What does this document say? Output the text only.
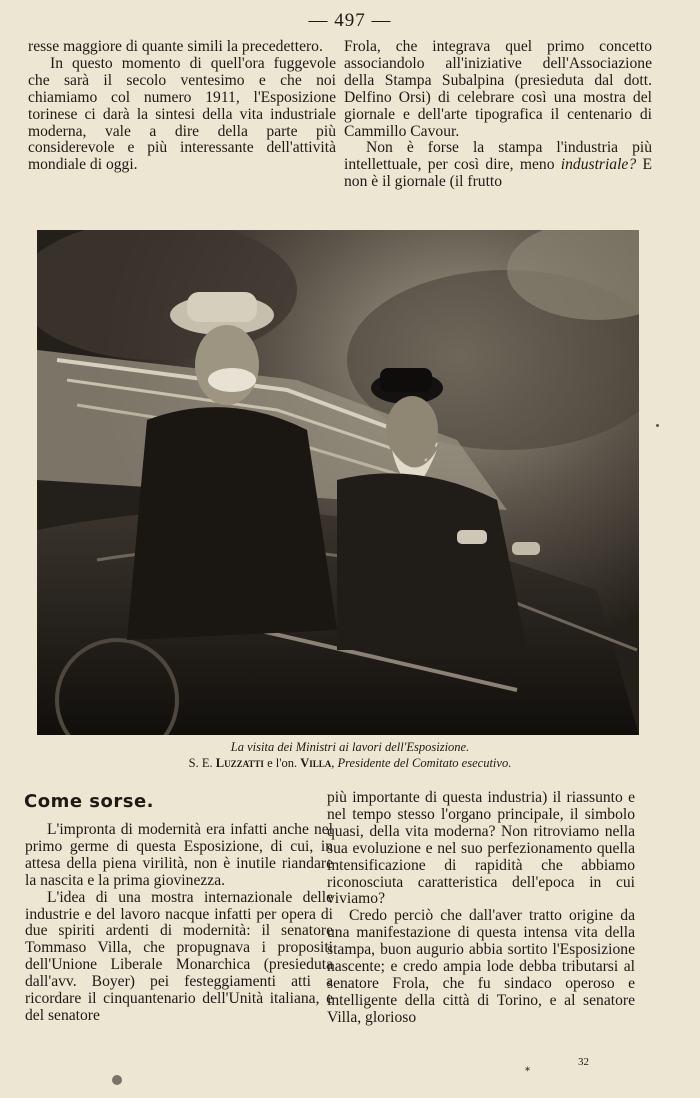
— 497 —

resse maggiore di quante simili la precedettero.

In questo momento di quell'ora fuggevole che sarà il secolo ventesimo e che noi chiamiamo col numero 1911, l'Esposizione torinese ci darà la sintesi della vita industriale moderna, vale a dire della parte più considerevole e più interessante dell'attività mondiale di oggi.

Frola, che integrava quel primo concetto associandolo all'iniziative dell'Associazione della Stampa Subalpina (presieduta dal dott. Delfino Orsi) di celebrare così una mostra del giornale e dell'arte tipografica il centenario di Cammillo Cavour.

Non è forse la stampa l'industria più intellettuale, per così dire, meno industriale? E non è il giornale (il frutto

La visita dei Ministri ai lavori dell'Esposizione.
S. E. Luzzatti e l'on. Villa, Presidente del Comitato esecutivo.
Come sorse.

L'impronta di modernità era infatti anche nel primo germe di questa Esposizione, di cui, in attesa della piena virilità, non è inutile riandare la nascita e la prima giovinezza.

L'idea di una mostra internazionale delle industrie e del lavoro nacque infatti per opera di due spiriti ardenti di modernità: il senatore Tommaso Villa, che propugnava i propositi dell'Unione Liberale Monarchica (presieduta dall'avv. Boyer) pei festeggiamenti atti a ricordare il cinquantenario dell'Unità italiana, e del senatore

più importante di questa industria) il riassunto e nel tempo stesso l'organo principale, il simbolo quasi, della vita moderna? Non ritroviamo nella sua evoluzione e nel suo perfezionamento quella intensificazione di rapidità che abbiamo riconosciuta caratteristica dell'epoca in cui viviamo?

Credo perciò che dall'aver tratto origine da una manifestazione di questa intensa vita della stampa, buon augurio abbia sortito l'Esposizione nascente; e credo ampia lode debba tributarsi al senatore Frola, che fu sindaco operoso e intelligente della città di Torino, e al senatore Villa, glorioso

32
*
